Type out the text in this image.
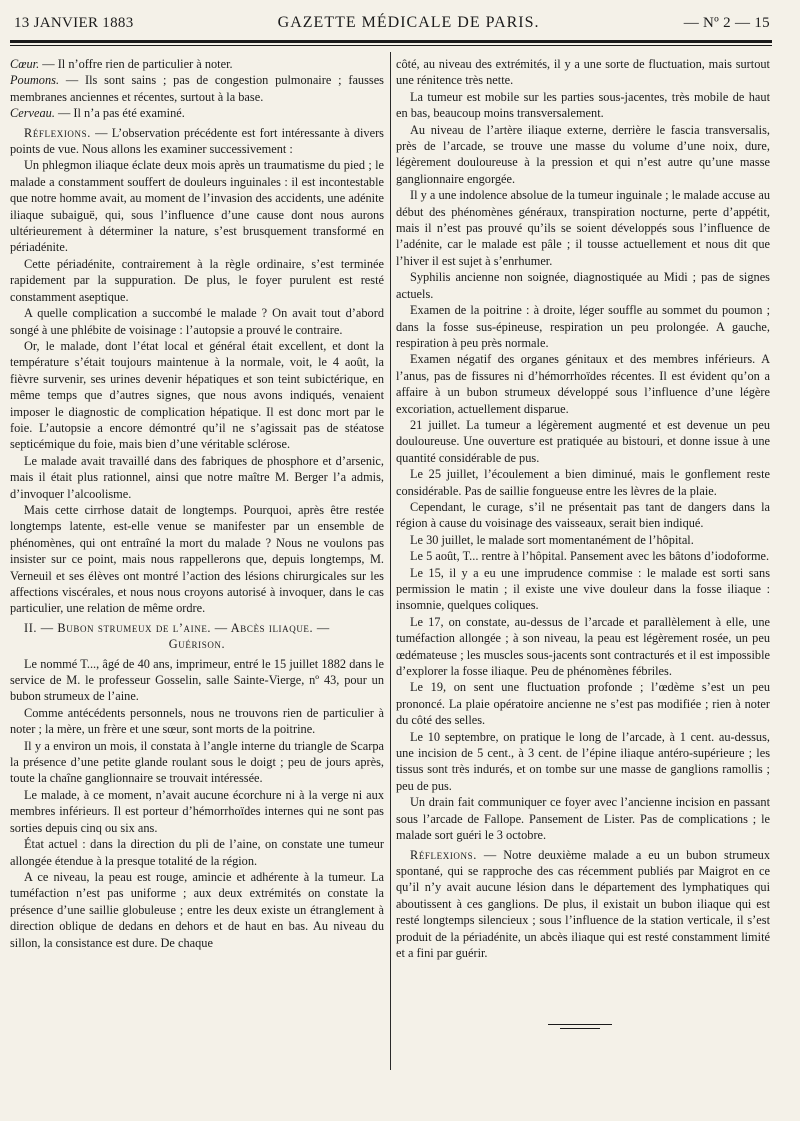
13 JANVIER 1883	GAZETTE MÉDICALE DE PARIS.	— Nº 2 — 15

Cœur. — Il n’offre rien de particulier à noter.

Poumons. — Ils sont sains ; pas de congestion pulmonaire ; fausses membranes anciennes et récentes, surtout à la base.

Cerveau. — Il n’a pas été examiné.

Réflexions. — L’observation précédente est fort intéressante à divers points de vue. Nous allons les examiner successivement :

Un phlegmon iliaque éclate deux mois après un traumatisme du pied ; le malade a constamment souffert de douleurs inguinales : il est incontestable que notre homme avait, au moment de l’invasion des accidents, une adénite iliaque subaiguë, qui, sous l’influence d’une cause dont nous aurons ultérieurement à déterminer la nature, s’est brusquement transformé en périadénite.

Cette périadénite, contrairement à la règle ordinaire, s’est terminée rapidement par la suppuration. De plus, le foyer purulent est resté constamment aseptique.

A quelle complication a succombé le malade ? On avait tout d’abord songé à une phlébite de voisinage : l’autopsie a prouvé le contraire.

Or, le malade, dont l’état local et général était excellent, et dont la température s’était toujours maintenue à la normale, voit, le 4 août, la fièvre survenir, ses urines devenir hépatiques et son teint subictérique, en même temps que d’autres signes, que nous avons indiqués, venaient imposer le diagnostic de complication hépatique. Il est donc mort par le foie. L’autopsie a encore démontré qu’il ne s’agissait pas de stéatose septicémique du foie, mais bien d’une véritable sclérose.

Le malade avait travaillé dans des fabriques de phosphore et d’arsenic, mais il était plus rationnel, ainsi que notre maître M. Berger l’a admis, d’invoquer l’alcoolisme.

Mais cette cirrhose datait de longtemps. Pourquoi, après être restée longtemps latente, est-elle venue se manifester par un ensemble de phénomènes, qui ont entraîné la mort du malade ? Nous ne voulons pas insister sur ce point, mais nous rappellerons que, depuis longtemps, M. Verneuil et ses élèves ont montré l’action des lésions chirurgicales sur les affections viscérales, et nous nous croyons autorisé à invoquer, dans le cas particulier, une relation de même ordre.

II. — Bubon strumeux de l’aine. — Abcès iliaque. —

Guérison.

Le nommé T..., âgé de 40 ans, imprimeur, entré le 15 juillet 1882 dans le service de M. le professeur Gosselin, salle Sainte-Vierge, nº 43, pour un bubon strumeux de l’aine.

Comme antécédents personnels, nous ne trouvons rien de particulier à noter ; la mère, un frère et une sœur, sont morts de la poitrine.

Il y a environ un mois, il constata à l’angle interne du triangle de Scarpa la présence d’une petite glande roulant sous le doigt ; peu de jours après, toute la chaîne ganglionnaire se trouvait intéressée.

Le malade, à ce moment, n’avait aucune écorchure ni à la verge ni aux membres inférieurs. Il est porteur d’hémorrhoïdes internes qui ne sont pas sorties depuis cinq ou six ans.

État actuel : dans la direction du pli de l’aine, on constate une tumeur allongée étendue à la presque totalité de la région.

A ce niveau, la peau est rouge, amincie et adhérente à la tumeur. La tuméfaction n’est pas uniforme ; aux deux extrémités on constate la présence d’une saillie globuleuse ; entre les deux existe un étranglement à direction oblique de dedans en dehors et de haut en bas. Au niveau du sillon, la consistance est dure. De chaque

côté, au niveau des extrémités, il y a une sorte de fluctuation, mais surtout une rénitence très nette.

La tumeur est mobile sur les parties sous-jacentes, très mobile de haut en bas, beaucoup moins transversalement.

Au niveau de l’artère iliaque externe, derrière le fascia transversalis, près de l’arcade, se trouve une masse du volume d’une noix, dure, légèrement douloureuse à la pression et qui n’est autre qu’une masse ganglionnaire engorgée.

Il y a une indolence absolue de la tumeur inguinale ; le malade accuse au début des phénomènes généraux, transpiration nocturne, perte d’appétit, mais il n’est pas prouvé qu’ils se soient développés sous l’influence de l’adénite, car le malade est pâle ; il tousse actuellement et nous dit que l’hiver il est sujet à s’enrhumer.

Syphilis ancienne non soignée, diagnostiquée au Midi ; pas de signes actuels.

Examen de la poitrine : à droite, léger souffle au sommet du poumon ; dans la fosse sus-épineuse, respiration un peu prolongée. A gauche, respiration à peu près normale.

Examen négatif des organes génitaux et des membres inférieurs. A l’anus, pas de fissures ni d’hémorrhoïdes récentes. Il est évident qu’on a affaire à un bubon strumeux développé sous l’influence d’une légère excoriation, actuellement disparue.

21 juillet. La tumeur a légèrement augmenté et est devenue un peu douloureuse. Une ouverture est pratiquée au bistouri, et donne issue à une quantité considérable de pus.

Le 25 juillet, l’écoulement a bien diminué, mais le gonflement reste considérable. Pas de saillie fongueuse entre les lèvres de la plaie.

Cependant, le curage, s’il ne présentait pas tant de dangers dans la région à cause du voisinage des vaisseaux, serait bien indiqué.

Le 30 juillet, le malade sort momentanément de l’hôpital.

Le 5 août, T... rentre à l’hôpital. Pansement avec les bâtons d’iodoforme.

Le 15, il y a eu une imprudence commise : le malade est sorti sans permission le matin ; il existe une vive douleur dans la fosse iliaque : insomnie, quelques coliques.

Le 17, on constate, au-dessus de l’arcade et parallèlement à elle, une tuméfaction allongée ; à son niveau, la peau est légèrement rosée, un peu œdémateuse ; les muscles sous-jacents sont contracturés et il est impossible d’explorer la fosse iliaque. Peu de phénomènes fébriles.

Le 19, on sent une fluctuation profonde ; l’œdème s’est un peu prononcé. La plaie opératoire ancienne ne s’est pas modifiée ; rien à noter du côté des selles.

Le 10 septembre, on pratique le long de l’arcade, à 1 cent. au-dessus, une incision de 5 cent., à 3 cent. de l’épine iliaque antéro-supérieure ; les tissus sont très indurés, et on tombe sur une masse de ganglions ramollis ; peu de pus.

Un drain fait communiquer ce foyer avec l’ancienne incision en passant sous l’arcade de Fallope. Pansement de Lister. Pas de complications ; le malade sort guéri le 3 octobre.

Réflexions. — Notre deuxième malade a eu un bubon strumeux spontané, qui se rapproche des cas récemment publiés par Maigrot en ce qu’il n’y avait aucune lésion dans le département des lymphatiques qui aboutissent à ces ganglions. De plus, il existait un bubon iliaque qui est resté longtemps silencieux ; sous l’influence de la station verticale, il s’est produit de la périadénite, un abcès iliaque qui est resté constamment limité et a fini par guérir.
